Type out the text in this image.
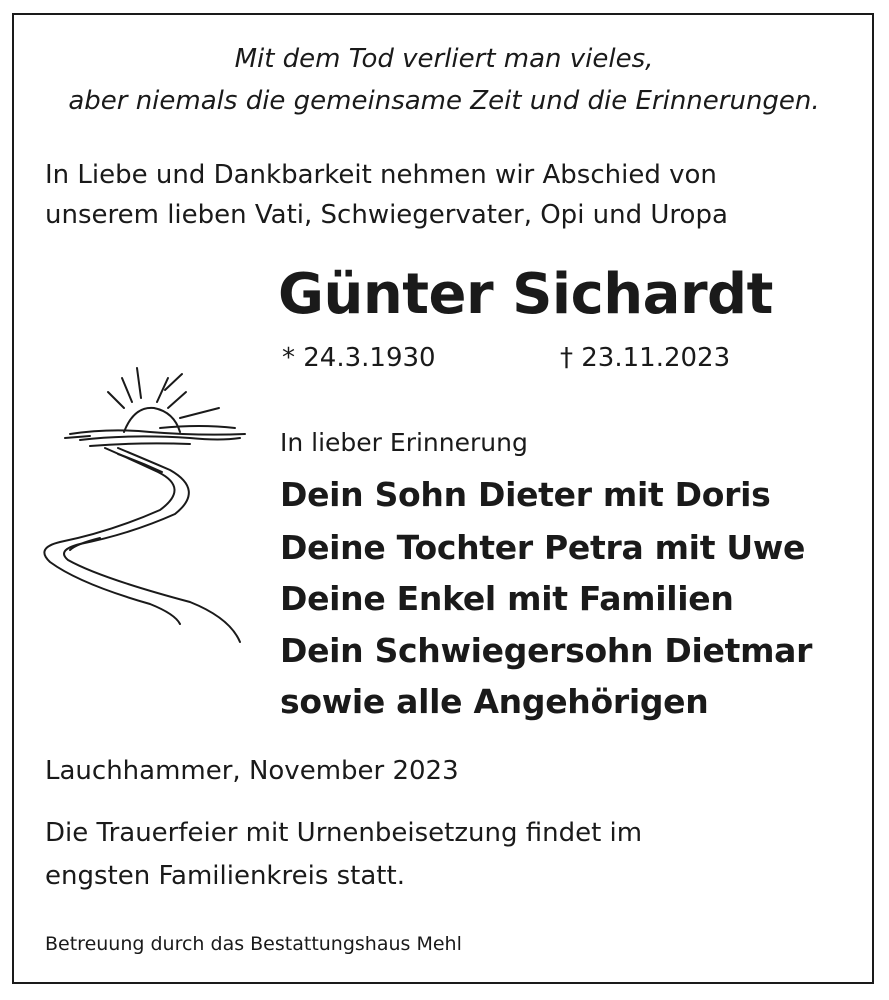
Mit dem Tod verliert man vieles,

aber niemals die gemeinsame Zeit und die Erinnerungen.

In Liebe und Dankbarkeit nehmen wir Abschied von

unserem lieben Vati, Schwiegervater, Opi und Uropa

Günter Sichardt

* 24.3.1930	† 23.11.2023

In lieber Erinnerung

Dein Sohn Dieter mit Doris

Deine Tochter Petra mit Uwe

Deine Enkel mit Familien

Dein Schwiegersohn Dietmar

sowie alle Angehörigen

Lauchhammer, November 2023

Die Trauerfeier mit Urnenbeisetzung findet im

engsten Familienkreis statt.

Betreuung durch das Bestattungshaus Mehl
